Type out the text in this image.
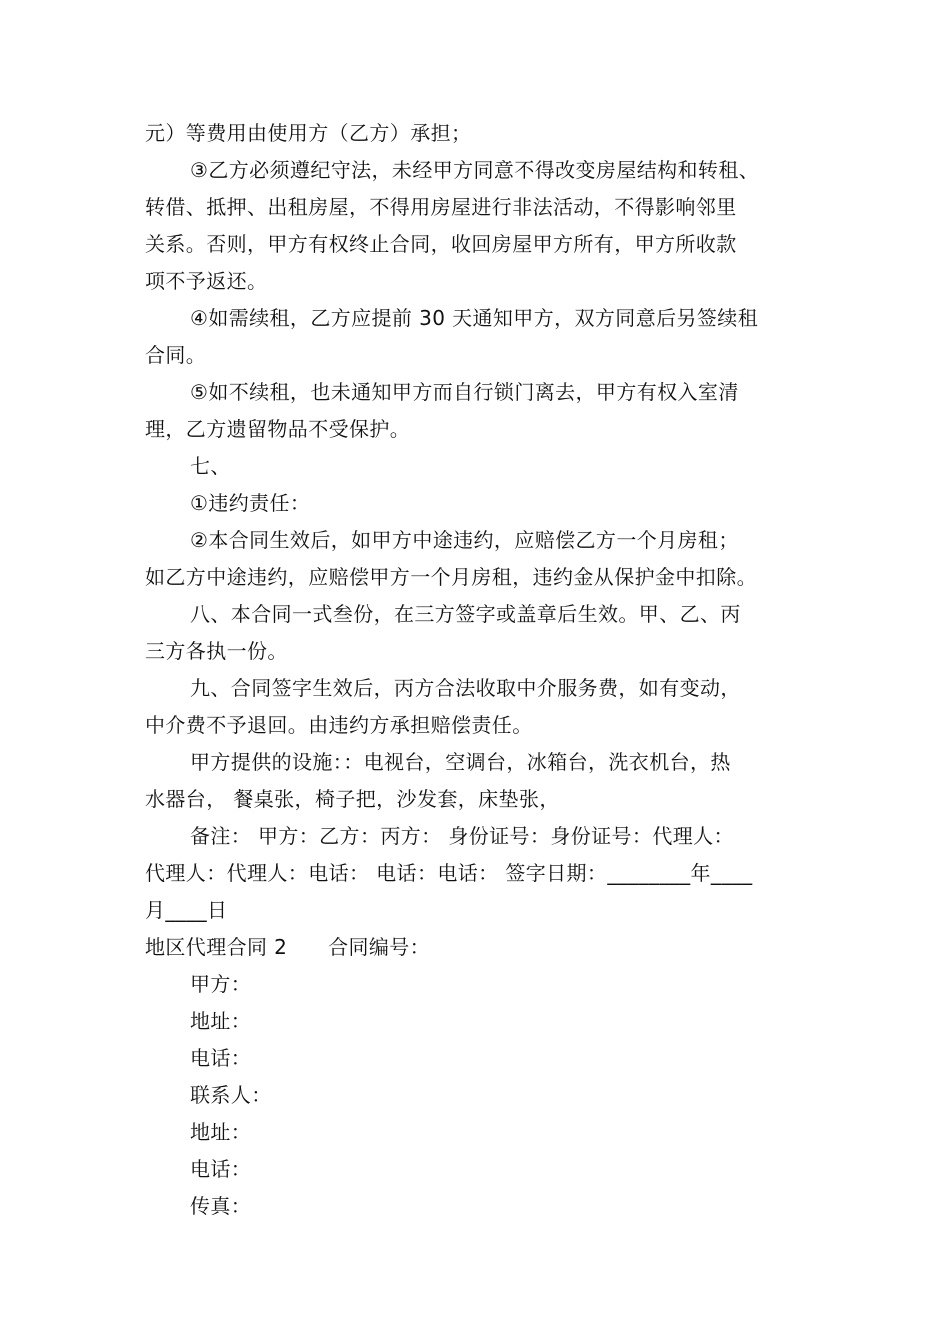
元）等费用由使用方（乙方）承担；
③乙方必须遵纪守法，未经甲方同意不得改变房屋结构和转租、
转借、抵押、出租房屋，不得用房屋进行非法活动，不得影响邻里
关系。否则，甲方有权终止合同，收回房屋甲方所有，甲方所收款
项不予返还。
④如需续租，乙方应提前 30 天通知甲方，双方同意后另签续租
合同。
⑤如不续租，也未通知甲方而自行锁门离去，甲方有权入室清
理，乙方遗留物品不受保护。
七、
①违约责任：
②本合同生效后，如甲方中途违约，应赔偿乙方一个月房租；
如乙方中途违约，应赔偿甲方一个月房租，违约金从保护金中扣除。
八、本合同一式叁份，在三方签字或盖章后生效。甲、乙、丙
三方各执一份。
九、合同签字生效后，丙方合法收取中介服务费，如有变动，
中介费不予退回。由违约方承担赔偿责任。
甲方提供的设施：：电视台，空调台，冰箱台，洗衣机台，热
水器台， 餐桌张，椅子把，沙发套，床垫张，
备注： 甲方：乙方：丙方： 身份证号：身份证号：代理人：
代理人：代理人：电话： 电话：电话： 签字日期：________年____
月____日
地区代理合同 2　　合同编号：
甲方：
地址：
电话：
联系人：
地址：
电话：
传真：
